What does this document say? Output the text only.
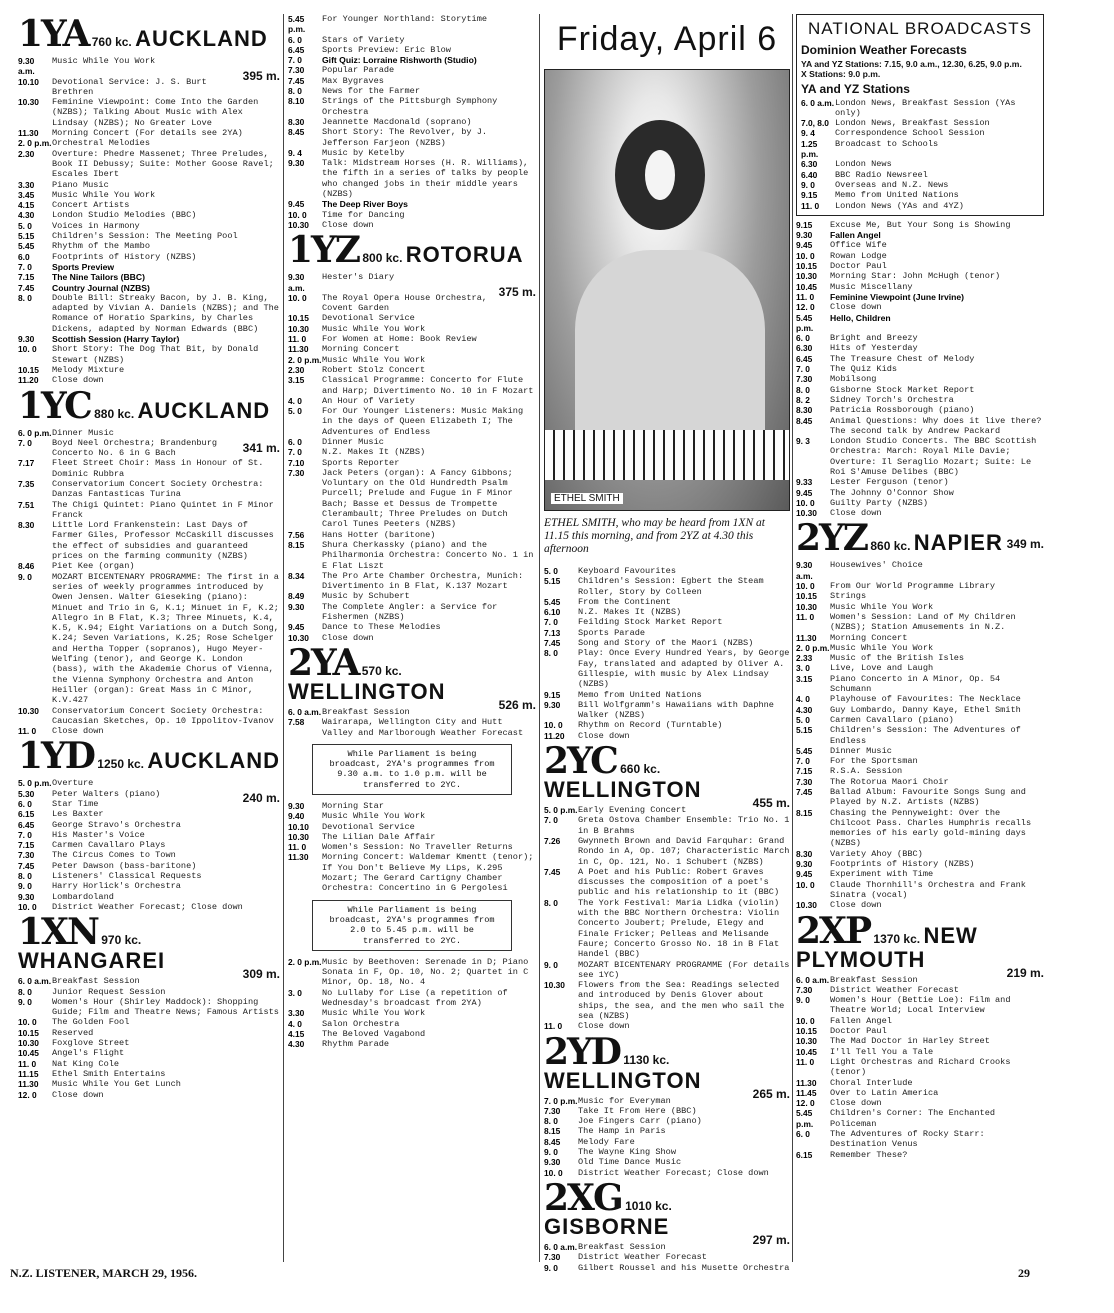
1YA 760 kc. AUCKLAND
395 m.
9.30 a.m.
Music While You Work
10.10	Devotional Service: J. S. Burt Brethren
10.30	Feminine Viewpoint: Come Into the Garden (NZBS); Talking About Music with Alex Lindsay (NZBS); No Greater Love
11.30	Morning Concert (For details see 2YA)
2. 0 p.m. Orchestral Melodies
2.30	Overture: Phedre Massenet; Three Preludes, Book II Debussy; Suite: Mother Goose Ravel; Escales Ibert
3.30	Piano Music
3.45	Music While You Work
4.15	Concert Artists
4.30	London Studio Melodies (BBC)
5. 0	Voices in Harmony
5.15	Children's Session: The Meeting Pool
5.45	Rhythm of the Mambo
6.0	Footprints of History (NZBS)
7. 0	Sports Preview
7.15	The Nine Tailors (BBC)
7.45	Country Journal (NZBS)
8. 0	Double Bill: Streaky Bacon, by J. B. King, adapted by Vivian A. Daniels (NZBS); and The Romance of Horatio Sparkins, by Charles Dickens, adapted by Norman Edwards (BBC)
9.30	Scottish Session (Harry Taylor)
10. 0	Short Story: The Dog That Bit, by Donald Stewart (NZBS)
10.15	Melody Mixture
11.20	Close down
1YC 880 kc. AUCKLAND
341 m.
6. 0 p.m. Dinner Music
7. 0	Boyd Neel Orchestra; Brandenburg Concerto No. 6 in G Bach
7.17	Fleet Street Choir: Mass in Honour of St. Dominic Rubbra
7.35	Conservatorium Concert Society Orchestra: Danzas Fantasticas Turina
7.51	The Chigi Quintet: Piano Quintet in F Minor Franck
8.30	Little Lord Frankenstein: Last Days of Farmer Giles, Professor McCaskill discusses the effect of subsidies and guaranteed prices on the farming community (NZBS)
8.46	Piet Kee (organ)
9. 0	MOZART BICENTENARY PROGRAMME: The first in a series of weekly programmes introduced by Owen Jensen. Walter Gieseking (piano): Minuet and Trio in G, K.1; Minuet in F, K.2; Allegro in B Flat, K.3; Three Minuets, K.4, K.5, K.94; Eight Variations on a Dutch Song, K.24; Seven Variations, K.25; Rose Schelger and Hertha Topper (sopranos), Hugo Meyer-Welfing (tenor), and George K. London (bass), with the Akademie Chorus of Vienna, the Vienna Symphony Orchestra and Anton Heiller (organ): Great Mass in C Minor, K.V.427
10.30	Conservatorium Concert Society Orchestra: Caucasian Sketches, Op. 10 Ippolitov-Ivanov
11. 0	Close down
1YD 1250 kc. AUCKLAND
240 m.
5. 0 p.m. Overture
5.30	Peter Walters (piano)
6. 0	Star Time
6.15	Les Baxter
6.45	George Stravo's Orchestra
7. 0	His Master's Voice
7.15	Carmen Cavallaro Plays
7.30	The Circus Comes to Town
7.45	Peter Dawson (bass-baritone)
8. 0	Listeners' Classical Requests
9. 0	Harry Horlick's Orchestra
9.30	Lombardoland
10. 0	District Weather Forecast; Close down
1XN 970 kc. WHANGAREI
309 m.
6. 0 a.m. Breakfast Session
8. 0	Junior Request Session
9. 0	Women's Hour (Shirley Maddock): Shopping Guide; Film and Theatre News; Famous Artists
10. 0	The Golden Fool
10.15	Reserved
10.30	Foxglove Street
10.45	Angel's Flight
11. 0	Nat King Cole
11.15	Ethel Smith Entertains
11.30	Music While You Get Lunch
12. 0	Close down
5.45 p.m.
For Younger Northland: Storytime
6. 0	Stars of Variety
6.45	Sports Preview: Eric Blow
7. 0	Gift Quiz: Lorraine Rishworth (Studio)
7.30	Popular Parade
7.45	Max Bygraves
8. 0	News for the Farmer
8.10	Strings of the Pittsburgh Symphony Orchestra
8.30	Jeannette Macdonald (soprano)
8.45	Short Story: The Revolver, by J. Jefferson Farjeon (NZBS)
9. 4	Music by Ketelby
9.30	Talk: Midstream Horses (H. R. Williams), the fifth in a series of talks by people who changed jobs in their middle years (NZBS)
9.45	The Deep River Boys
10. 0	Time for Dancing
10.30	Close down
1YZ 800 kc. ROTORUA
375 m.
9.30 a.m.
Hester's Diary
10. 0	The Royal Opera House Orchestra, Covent Garden
10.15	Devotional Service
10.30	Music While You Work
11. 0	For Women at Home: Book Review
11.30	Morning Concert
2. 0 p.m. Music While You Work
2.30	Robert Stolz Concert
3.15	Classical Programme: Concerto for Flute and Harp; Divertimento No. 10 in F Mozart
4. 0	An Hour of Variety
5. 0	For Our Younger Listeners: Music Making in the days of Queen Elizabeth I; The Adventures of Endless
6. 0	Dinner Music
7. 0	N.Z. Makes It (NZBS)
7.10	Sports Reporter
7.30	Jack Peters (organ): A Fancy Gibbons; Voluntary on the Old Hundredth Psalm Purcell; Prelude and Fugue in F Minor Bach; Basse et Dessus de Trompette Clerambault; Three Preludes on Dutch Carol Tunes Peeters (NZBS)
7.56	Hans Hotter (baritone)
8.15	Shura Cherkassky (piano) and the Philharmonia Orchestra: Concerto No. 1 in E Flat Liszt
8.34	The Pro Arte Chamber Orchestra, Munich: Divertimento in B Flat, K.137 Mozart
8.49	Music by Schubert
9.30	The Complete Angler: a Service for Fishermen (NZBS)
9.45	Dance to These Melodies
10.30	Close down
2YA 570 kc. WELLINGTON
526 m.
6. 0 a.m. Breakfast Session
7.58	Wairarapa, Wellington City and Hutt Valley and Marlborough Weather Forecast
While Parliament is being broadcast, 2YA's programmes from 9.30 a.m. to 1.0 p.m. will be transferred to 2YC.
9.30	Morning Star
9.40	Music While You Work
10.10	Devotional Service
10.30	The Lilian Dale Affair
11. 0	Women's Session: No Traveller Returns
11.30	Morning Concert: Waldemar Kmentt (tenor); If You Don't Believe My Lips, K.295 Mozart; The Gerard Cartigny Chamber Orchestra: Concertino in G Pergolesi
While Parliament is being broadcast, 2YA's programmes from 2.0 to 5.45 p.m. will be transferred to 2YC.
2. 0 p.m. Music by Beethoven: Serenade in D; Piano Sonata in F, Op. 10, No. 2; Quartet in C Minor, Op. 18, No. 4
3. 0	No Lullaby for Lise (a repetition of Wednesday's broadcast from 2YA)
3.30	Music While You Work
4. 0	Salon Orchestra
4.15	The Beloved Vagabond
4.30	Rhythm Parade
Friday, April 6
ETHEL SMITH
ETHEL SMITH, who may be heard from 1XN at 11.15 this morning, and from 2YZ at 4.30 this afternoon
5. 0	Keyboard Favourites
5.15	Children's Session: Egbert the Steam Roller, Story by Colleen
5.45	From the Continent
6.10	N.Z. Makes It (NZBS)
7. 0	Feilding Stock Market Report
7.13	Sports Parade
7.45	Song and Story of the Maori (NZBS)
8. 0	Play: Once Every Hundred Years, by George Fay, translated and adapted by Oliver A. Gillespie, with music by Alex Lindsay (NZBS)
9.15	Memo from United Nations
9.30	Bill Wolfgramm's Hawaiians with Daphne Walker (NZBS)
10. 0	Rhythm on Record (Turntable)
11.20	Close down
2YC 660 kc. WELLINGTON
455 m.
5. 0 p.m. Early Evening Concert
7. 0	Greta Ostova Chamber Ensemble: Trio No. 1 in B Brahms
7.26	Gwynneth Brown and David Farquhar: Grand Rondo in A, Op. 107; Characteristic March in C, Op. 121, No. 1 Schubert (NZBS)
7.45	A Poet and his Public: Robert Graves discusses the composition of a poet's public and his relationship to it (BBC)
8. 0	The York Festival: Maria Lidka (violin) with the BBC Northern Orchestra: Violin Concerto Joubert; Prelude, Elegy and Finale Fricker; Pelleas and Melisande Faure; Concerto Grosso No. 18 in B Flat Handel (BBC)
9. 0	MOZART BICENTENARY PROGRAMME (For details see 1YC)
10.30	Flowers from the Sea: Readings selected and introduced by Denis Glover about ships, the sea, and the men who sail the sea (NZBS)
11. 0	Close down
2YD 1130 kc. WELLINGTON
265 m.
7. 0 p.m. Music for Everyman
7.30	Take It From Here (BBC)
8. 0	Joe Fingers Carr (piano)
8.15	The Hamp in Paris
8.45	Melody Fare
9. 0	The Wayne King Show
9.30	Old Time Dance Music
10. 0	District Weather Forecast; Close down
2XG 1010 kc. GISBORNE
297 m.
6. 0 a.m. Breakfast Session
7.30	District Weather Forecast
9. 0	Gilbert Roussel and his Musette Orchestra
NATIONAL BROADCASTS
Dominion Weather Forecasts
YA and YZ Stations: 7.15, 9.0 a.m., 12.30, 6.25, 9.0 p.m.
X Stations: 9.0 p.m.
YA and YZ Stations
6. 0 a.m. London News, Breakfast Session (YAs only)
7.0, 8.0 London News, Breakfast Session
9. 4	Correspondence School Session
1.25 p.m.
Broadcast to Schools
6.30	London News
6.40	BBC Radio Newsreel
9. 0	Overseas and N.Z. News
9.15	Memo from United Nations
11. 0	London News (YAs and 4YZ)
9.15	Excuse Me, But Your Song is Showing
9.30	Fallen Angel
9.45	Office Wife
10. 0	Rowan Lodge
10.15	Doctor Paul
10.30	Morning Star: John McHugh (tenor)
10.45	Music Miscellany
11. 0	Feminine Viewpoint (June Irvine)
12. 0	Close down
5.45 p.m.
Hello, Children
6. 0	Bright and Breezy
6.30	Hits of Yesterday
6.45	The Treasure Chest of Melody
7. 0	The Quiz Kids
7.30	Mobilsong
8. 0	Gisborne Stock Market Report
8. 2	Sidney Torch's Orchestra
8.30	Patricia Rossborough (piano)
8.45	Animal Questions: Why does it live there? The second talk by Andrew Packard
9. 3	London Studio Concerts. The BBC Scottish Orchestra: March: Royal Mile Davie; Overture: Il Seraglio Mozart; Suite: Le Roi S'Amuse Delibes (BBC)
9.33	Lester Ferguson (tenor)
9.45	The Johnny O'Connor Show
10. 0	Guilty Party (NZBS)
10.30	Close down
2YZ 860 kc. NAPIER 349 m.
9.30 a.m.
Housewives' Choice
10. 0	From Our World Programme Library
10.15	Strings
10.30	Music While You Work
11. 0	Women's Session: Land of My Children (NZBS); Station Amusements in N.Z.
11.30	Morning Concert
2. 0 p.m. Music While You Work
2.33	Music of the British Isles
3. 0	Live, Love and Laugh
3.15	Piano Concerto in A Minor, Op. 54 Schumann
4. 0	Playhouse of Favourites: The Necklace
4.30	Guy Lombardo, Danny Kaye, Ethel Smith
5. 0	Carmen Cavallaro (piano)
5.15	Children's Session: The Adventures of Endless
5.45	Dinner Music
7. 0	For the Sportsman
7.15	R.S.A. Session
7.30	The Rotorua Maori Choir
7.45	Ballad Album: Favourite Songs Sung and Played by N.Z. Artists (NZBS)
8.15	Chasing the Pennyweight: Over the Chilcoot Pass. Charles Humphris recalls memories of his early gold-mining days (NZBS)
8.30	Variety Ahoy (BBC)
9.30	Footprints of History (NZBS)
9.45	Experiment with Time
10. 0	Claude Thornhill's Orchestra and Frank Sinatra (vocal)
10.30	Close down
2XP 1370 kc. NEW PLYMOUTH
219 m.
6. 0 a.m. Breakfast Session
7.30	District Weather Forecast
9. 0	Women's Hour (Bettie Loe): Film and Theatre World; Local Interview
10. 0	Fallen Angel
10.15	Doctor Paul
10.30	The Mad Doctor in Harley Street
10.45	I'll Tell You a Tale
11. 0	Light Orchestras and Richard Crooks (tenor)
11.30	Choral Interlude
11.45	Over to Latin America
12. 0	Close down
5.45 p.m.
Children's Corner: The Enchanted Policeman
6. 0	The Adventures of Rocky Starr: Destination Venus
6.15	Remember These?
N.Z. LISTENER, MARCH 29, 1956.	29
